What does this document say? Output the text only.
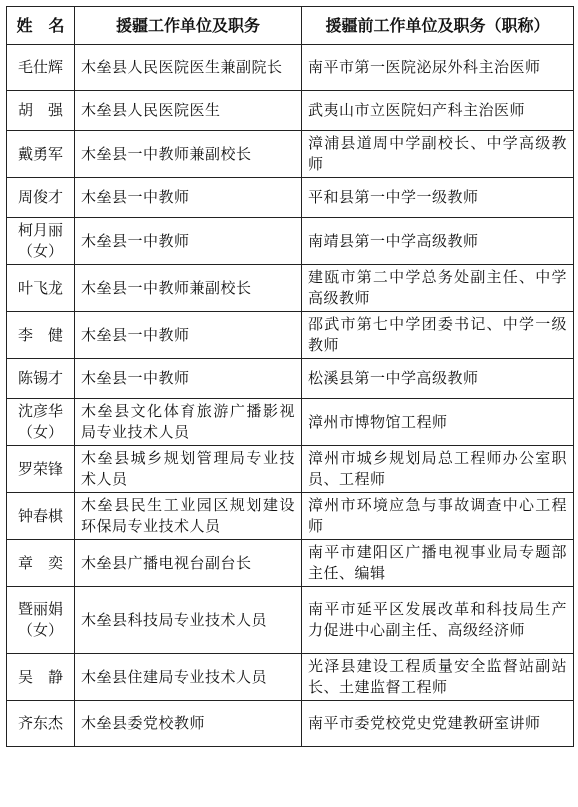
姓　名	援疆工作单位及职务	援疆前工作单位及职务（职称）
毛仕辉	木垒县人民医院医生兼副院长	南平市第一医院泌尿外科主治医师
胡　强	木垒县人民医院医生	武夷山市立医院妇产科主治医师
戴勇军	木垒县一中教师兼副校长	漳浦县道周中学副校长、中学高级教师
周俊才	木垒县一中教师	平和县第一中学一级教师
柯月丽（女）	木垒县一中教师	南靖县第一中学高级教师
叶飞龙	木垒县一中教师兼副校长	建瓯市第二中学总务处副主任、中学高级教师
李　健	木垒县一中教师	邵武市第七中学团委书记、中学一级教师
陈锡才	木垒县一中教师	松溪县第一中学高级教师
沈彦华（女）	木垒县文化体育旅游广播影视局专业技术人员	漳州市博物馆工程师
罗荣锋	木垒县城乡规划管理局专业技术人员	漳州市城乡规划局总工程师办公室职员、工程师
钟春棋	木垒县民生工业园区规划建设环保局专业技术人员	漳州市环境应急与事故调查中心工程师
章　奕	木垒县广播电视台副台长	南平市建阳区广播电视事业局专题部主任、编辑
暨丽娟（女）	木垒县科技局专业技术人员	南平市延平区发展改革和科技局生产力促进中心副主任、高级经济师
吴　静	木垒县住建局专业技术人员	光泽县建设工程质量安全监督站副站长、土建监督工程师
齐东杰	木垒县委党校教师	南平市委党校党史党建教研室讲师
